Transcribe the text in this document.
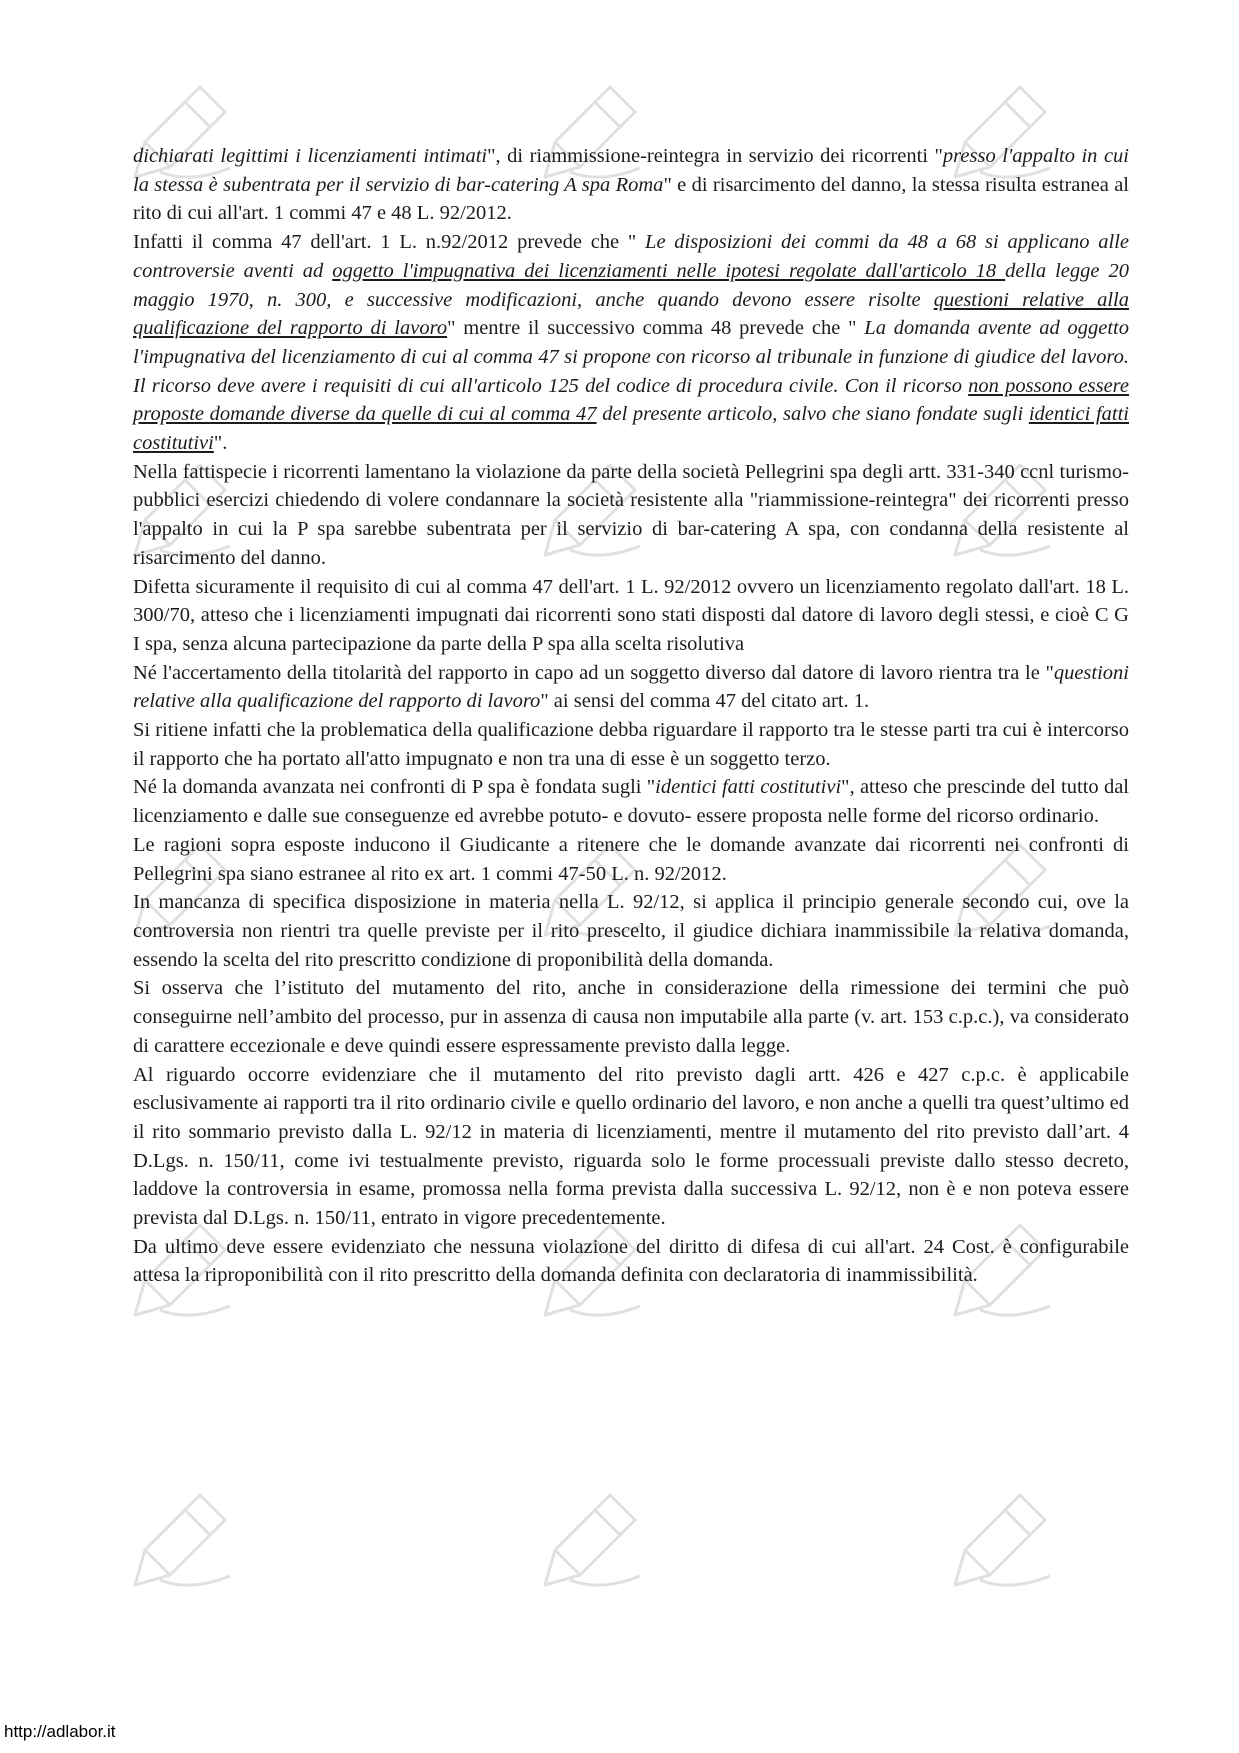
dichiarati legittimi i licenziamenti intimati", di riammissione-reintegra in servizio dei ricorrenti "presso l'appalto in cui la stessa è subentrata per il servizio di bar-catering A spa Roma" e di risarcimento del danno, la stessa risulta estranea al rito di cui all'art. 1 commi 47 e 48 L. 92/2012.

Infatti il comma 47 dell'art. 1 L. n.92/2012 prevede che " Le disposizioni dei commi da 48 a 68 si applicano alle controversie aventi ad oggetto l'impugnativa dei licenziamenti nelle ipotesi regolate dall'articolo 18 della legge 20 maggio 1970, n. 300, e successive modificazioni, anche quando devono essere risolte questioni relative alla qualificazione del rapporto di lavoro" mentre il successivo comma 48 prevede che " La domanda avente ad oggetto l'impugnativa del licenziamento di cui al comma 47 si propone con ricorso al tribunale in funzione di giudice del lavoro. Il ricorso deve avere i requisiti di cui all'articolo 125 del codice di procedura civile. Con il ricorso non possono essere proposte domande diverse da quelle di cui al comma 47 del presente articolo, salvo che siano fondate sugli identici fatti costitutivi".

Nella fattispecie i ricorrenti lamentano la violazione da parte della società Pellegrini spa degli artt. 331-340 ccnl turismo-pubblici esercizi chiedendo di volere condannare la società resistente alla "riammissione-reintegra" dei ricorrenti presso l'appalto in cui la P spa sarebbe subentrata per il servizio di bar-catering A spa, con condanna della resistente al risarcimento del danno.

Difetta sicuramente il requisito di cui al comma 47 dell'art. 1 L. 92/2012 ovvero un licenziamento regolato dall'art. 18 L. 300/70, atteso che i licenziamenti impugnati dai ricorrenti sono stati disposti dal datore di lavoro degli stessi, e cioè C G I spa, senza alcuna partecipazione da parte della P spa alla scelta risolutiva

Né l'accertamento della titolarità del rapporto in capo ad un soggetto diverso dal datore di lavoro rientra tra le "questioni relative alla qualificazione del rapporto di lavoro" ai sensi del comma 47 del citato art. 1.

Si ritiene infatti che la problematica della qualificazione debba riguardare il rapporto tra le stesse parti tra cui è intercorso il rapporto che ha portato all'atto impugnato e non tra una di esse è un soggetto terzo.

Né la domanda avanzata nei confronti di P spa è fondata sugli "identici fatti costitutivi", atteso che prescinde del tutto dal licenziamento e dalle sue conseguenze ed avrebbe potuto- e dovuto- essere proposta nelle forme del ricorso ordinario.

Le ragioni sopra esposte inducono il Giudicante a ritenere che le domande avanzate dai ricorrenti nei confronti di Pellegrini spa siano estranee al rito ex art. 1 commi 47-50 L. n. 92/2012.

In mancanza di specifica disposizione in materia nella L. 92/12, si applica il principio generale secondo cui, ove la controversia non rientri tra quelle previste per il rito prescelto, il giudice dichiara inammissibile la relativa domanda, essendo la scelta del rito prescritto condizione di proponibilità della domanda.

Si osserva che l’istituto del mutamento del rito, anche in considerazione della rimessione dei termini che può conseguirne nell’ambito del processo, pur in assenza di causa non imputabile alla parte (v. art. 153 c.p.c.), va considerato di carattere eccezionale e deve quindi essere espressamente previsto dalla legge.

Al riguardo occorre evidenziare che il mutamento del rito previsto dagli artt. 426 e 427 c.p.c. è applicabile esclusivamente ai rapporti tra il rito ordinario civile e quello ordinario del lavoro, e non anche a quelli tra quest’ultimo ed il rito sommario previsto dalla L. 92/12 in materia di licenziamenti, mentre il mutamento del rito previsto dall’art. 4 D.Lgs. n. 150/11, come ivi testualmente previsto, riguarda solo le forme processuali previste dallo stesso decreto, laddove la controversia in esame, promossa nella forma prevista dalla successiva L. 92/12, non è e non poteva essere prevista dal D.Lgs. n. 150/11, entrato in vigore precedentemente.

Da ultimo deve essere evidenziato che nessuna violazione del diritto di difesa di cui all'art. 24 Cost. è configurabile attesa la riproponibilità con il rito prescritto della domanda definita con declaratoria di inammissibilità.

http://adlabor.it
